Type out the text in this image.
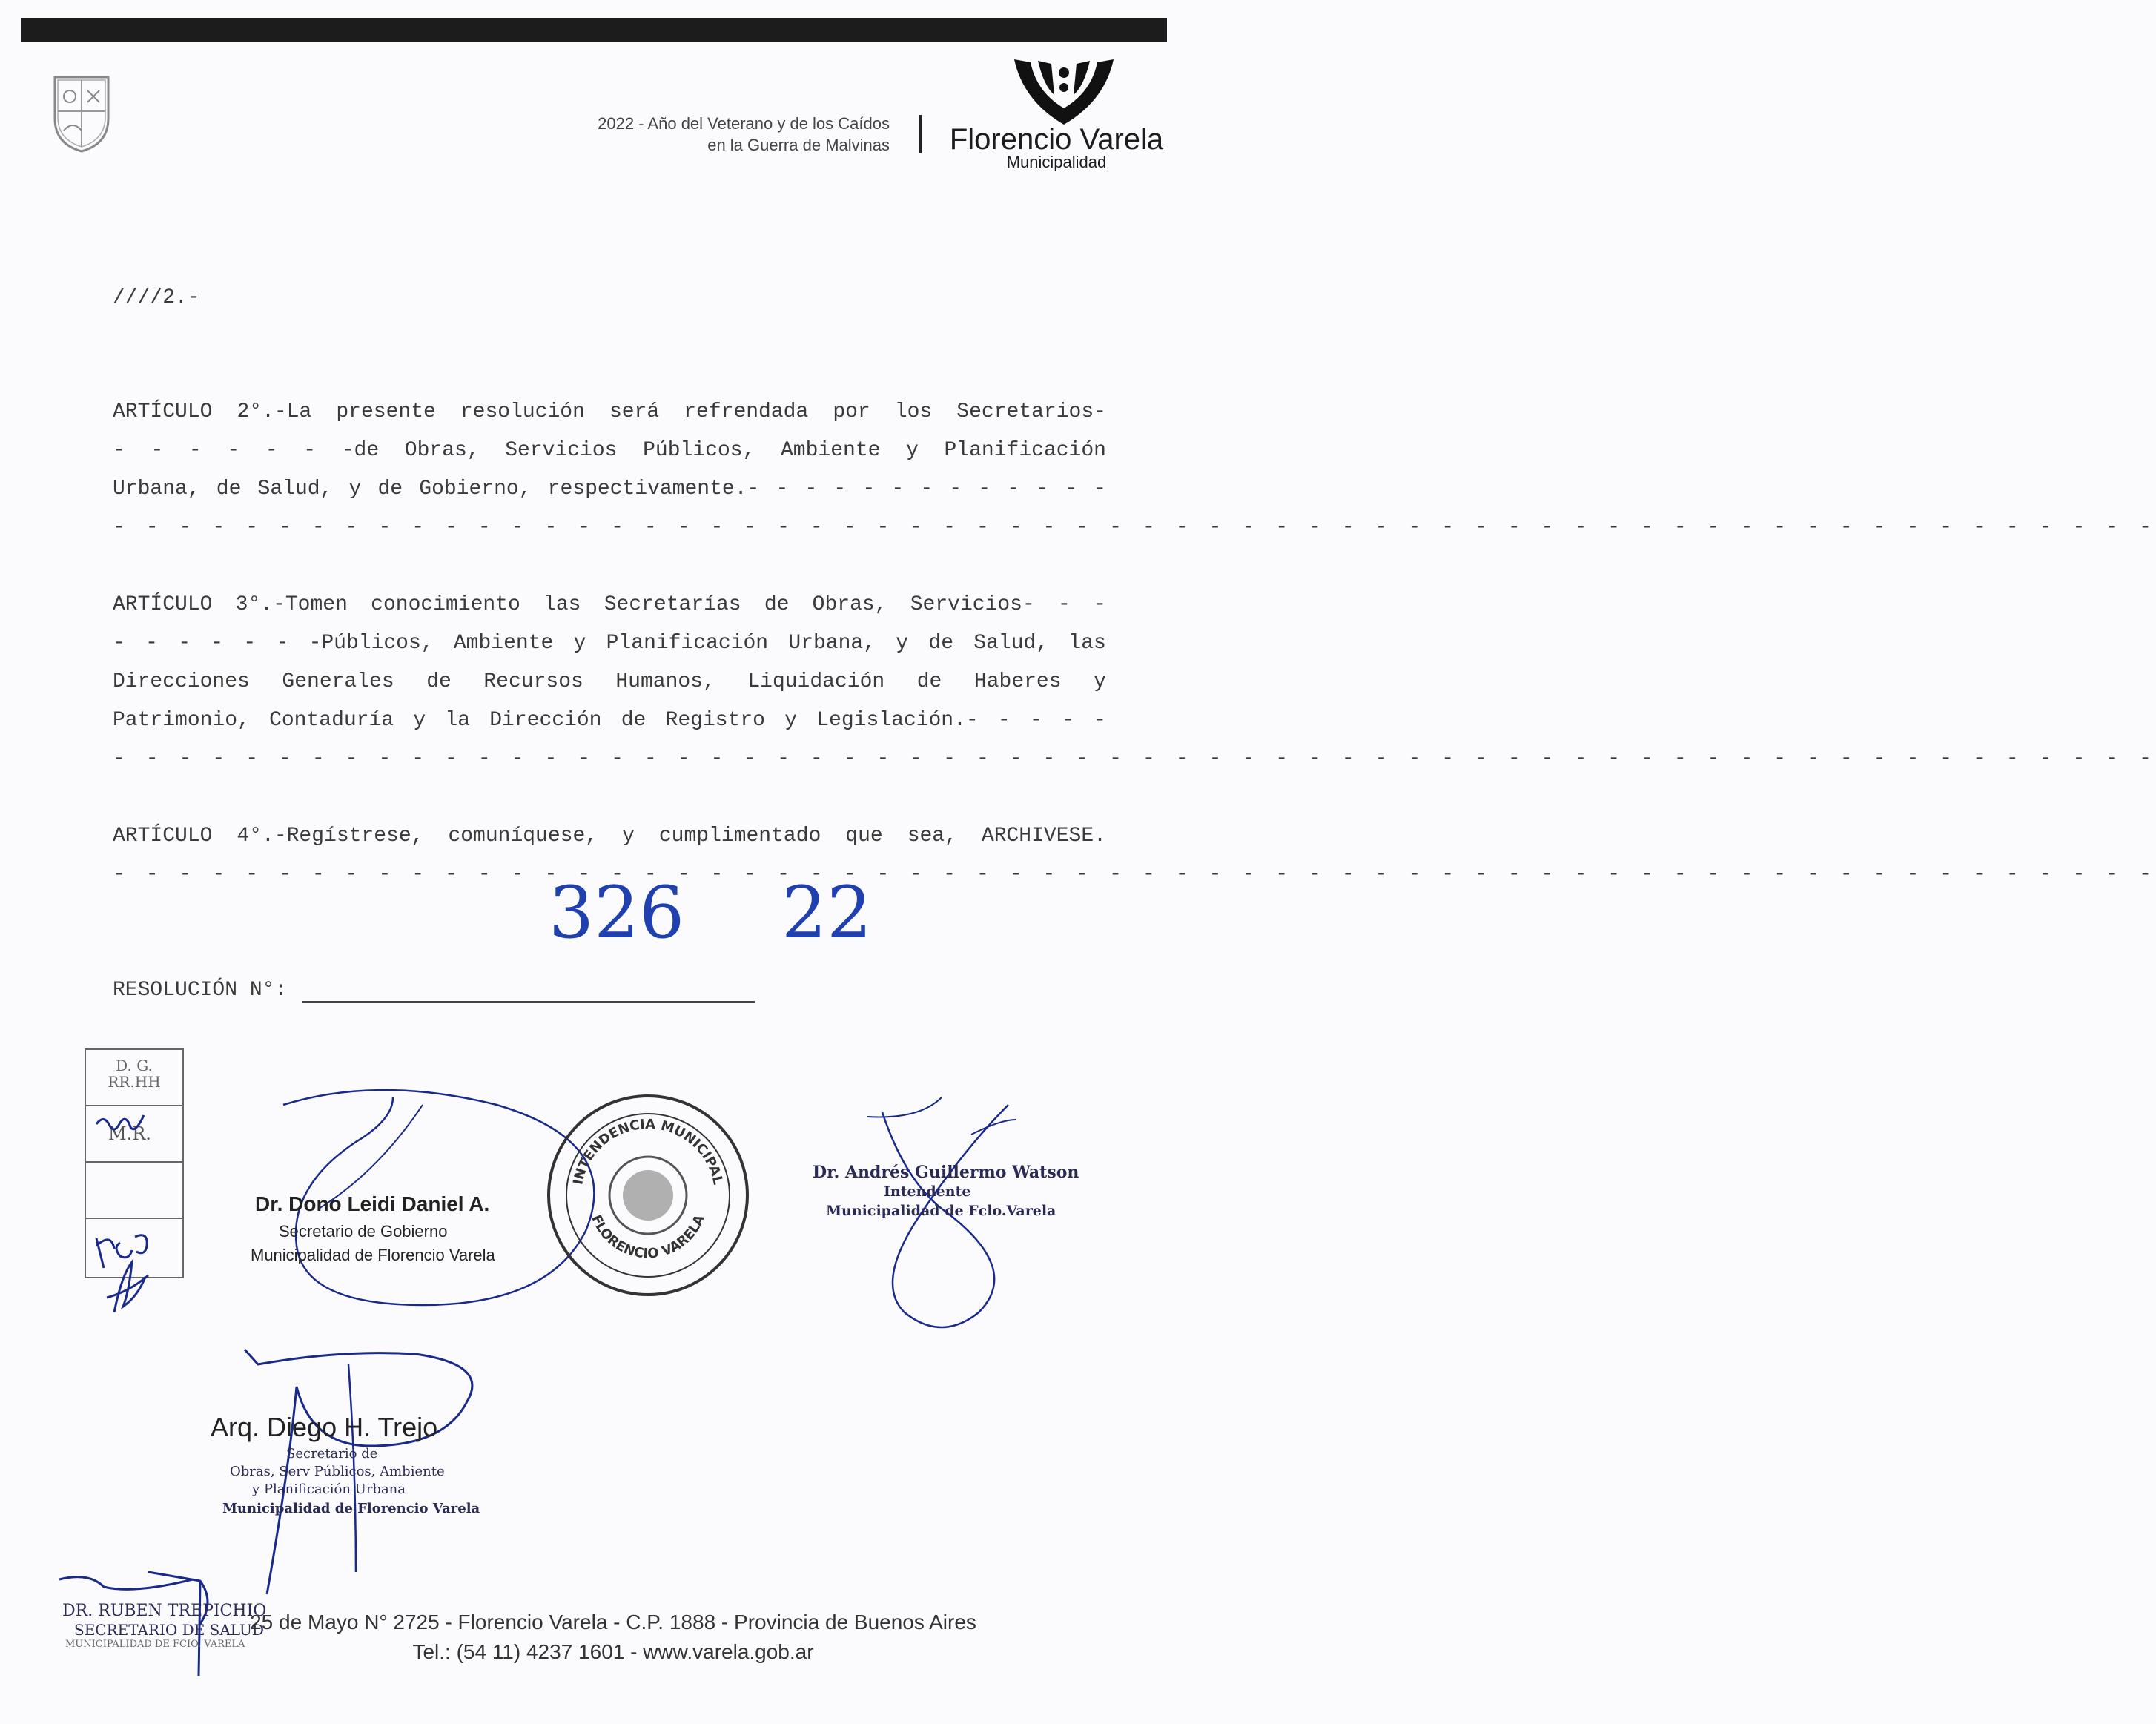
2022 - Año del Veterano y de los Caídos
en la Guerra de Malvinas	Florencio Varela
Municipalidad
////2.-
ARTÍCULO 2°.-La presente resolución será refrendada por los Secretarios-
- - - - - - -de Obras, Servicios Públicos, Ambiente y Planificación
Urbana, de Salud, y de Gobierno, respectivamente.- - - - - - - - - - - - -
- - - - - - - - - - - - - - - - - - - - - - - - - - - - - - - - - - - - - - - - - - - - - - - - - - - - - - - - - - - - - -
ARTÍCULO 3°.-Tomen conocimiento las Secretarías de Obras, Servicios- - -
- - - - - - -Públicos, Ambiente y Planificación Urbana, y de Salud, las
Direcciones Generales de Recursos Humanos, Liquidación de Haberes y
Patrimonio, Contaduría y la Dirección de Registro y Legislación.- - - - -
- - - - - - - - - - - - - - - - - - - - - - - - - - - - - - - - - - - - - - - - - - - - - - - - - - - - - - - - - - - - - -
ARTÍCULO 4°.-Regístrese, comuníquese, y cumplimentado que sea, ARCHIVESE.
- - - - - - - - - - - - - - - - - - - - - - - - - - - - - - - - - - - - - - - - - - - - - - - - - - - - - - - - - - - - - -
326 22
RESOLUCIÓN N°:
D. G.
RR.HH
M.R.
Dr. Dono Leidi Daniel A.
Secretario de Gobierno
Municipalidad de Florencio Varela
INTENDENCIA MUNICIPAL
FLORENCIO VARELA
Dr. Andrés Guillermo Watson
Intendente
Municipalidad de Fclo.Varela
Arq. Diego H. Trejo
Secretario de
Obras, Serv Públicos, Ambiente
y Planificación Urbana
Municipalidad de Florencio Varela
DR. RUBEN TREPICHIO
SECRETARIO DE SALUD
MUNICIPALIDAD DE FCIO. VARELA
25 de Mayo N° 2725 - Florencio Varela - C.P. 1888 - Provincia de Buenos Aires
Tel.: (54 11) 4237 1601 - www.varela.gob.ar
